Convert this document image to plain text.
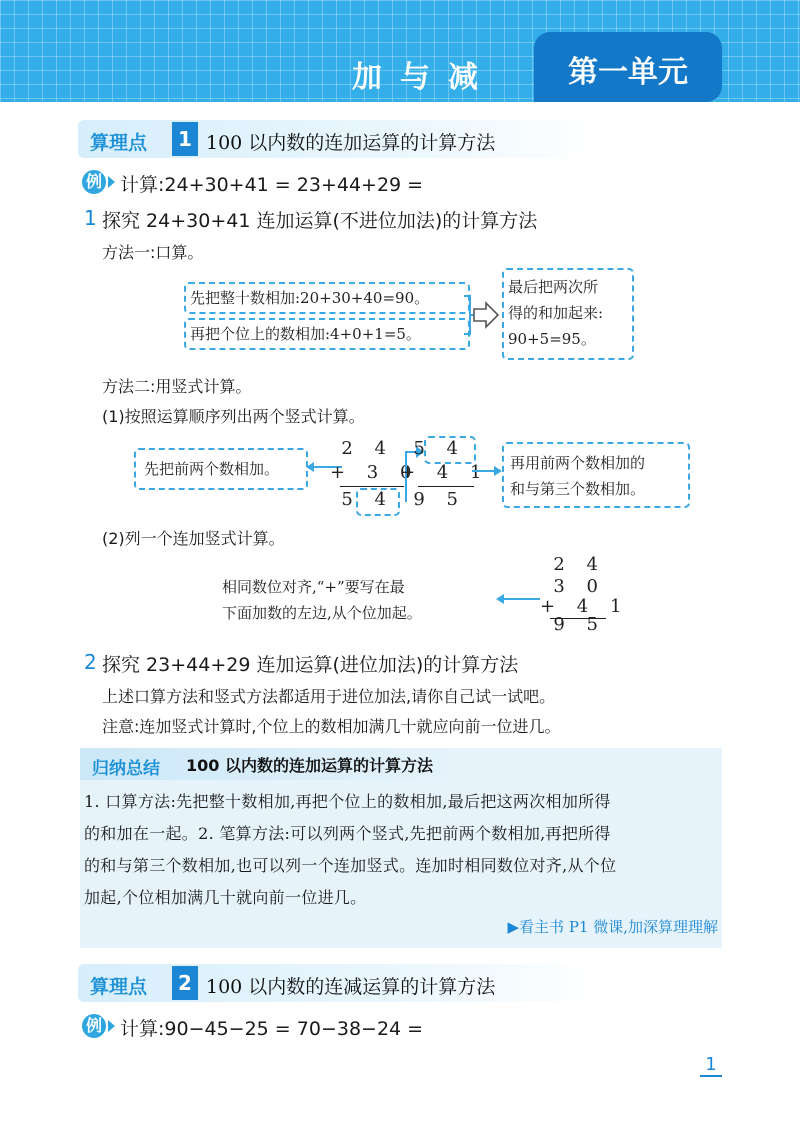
加与减	第一单元
算理点	1 100 以内数的连加运算的计算方法
例 计算:24+30+41 = 23+44+29 =
1 探究 24+30+41 连加运算(不进位加法)的计算方法
方法一:口算。
先把整十数相加:20+30+40=90。
再把个位上的数相加:4+0+1=5。
最后把两次所
得的和加起来:
90+5=95。
方法二:用竖式计算。
(1)按照运算顺序列出两个竖式计算。
先把前两个数相加。
2 4
+ 3 0
5 4
5 4
+ 4 1
9 5
再用前两个数相加的
和与第三个数相加。
(2)列一个连加竖式计算。
相同数位对齐,“+”要写在最
下面加数的左边,从个位加起。
2 4
3 0
+ 4 1
9 5
2 探究 23+44+29 连加运算(进位加法)的计算方法
上述口算方法和竖式方法都适用于进位加法,请你自己试一试吧。
注意:连加竖式计算时,个位上的数相加满几十就应向前一位进几。
归纳总结 100 以内数的连加运算的计算方法
1. 口算方法:先把整十数相加,再把个位上的数相加,最后把这两次相加所得
的和加在一起。2. 笔算方法:可以列两个竖式,先把前两个数相加,再把所得
的和与第三个数相加,也可以列一个连加竖式。连加时相同数位对齐,从个位
加起,个位相加满几十就向前一位进几。
▶看主书 P1 微课,加深算理理解
算理点	2 100 以内数的连减运算的计算方法
例 计算:90−45−25 = 70−38−24 =
1
